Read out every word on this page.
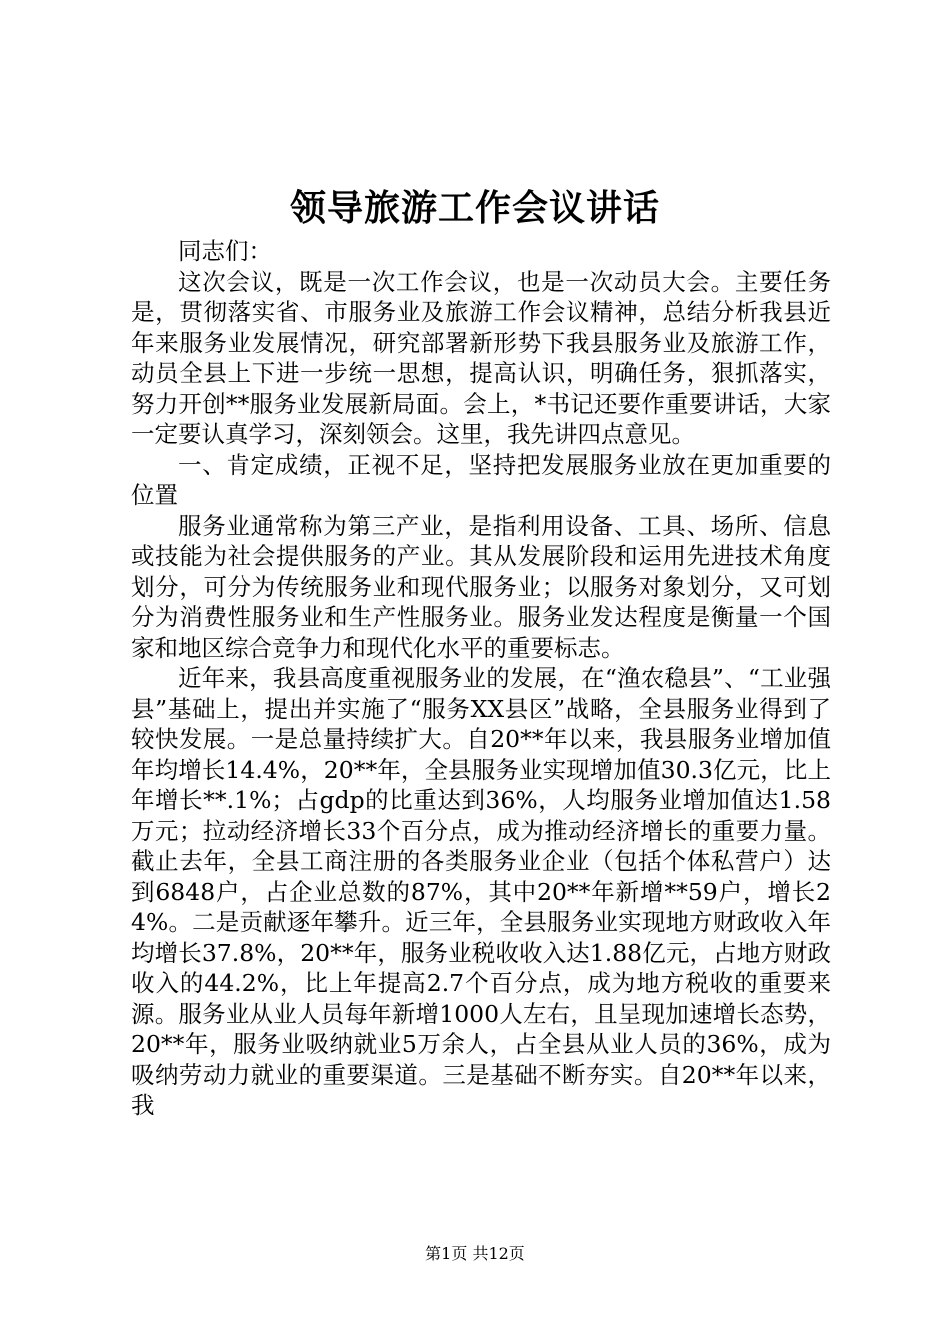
领导旅游工作会议讲话

同志们：

这次会议，既是一次工作会议，也是一次动员大会。主要任务是，贯彻落实省、市服务业及旅游工作会议精神，总结分析我县近年来服务业发展情况，研究部署新形势下我县服务业及旅游工作，动员全县上下进一步统一思想，提高认识，明确任务，狠抓落实，努力开创**服务业发展新局面。会上，*书记还要作重要讲话，大家一定要认真学习，深刻领会。这里，我先讲四点意见。

一、肯定成绩，正视不足，坚持把发展服务业放在更加重要的位置

服务业通常称为第三产业，是指利用设备、工具、场所、信息或技能为社会提供服务的产业。其从发展阶段和运用先进技术角度划分，可分为传统服务业和现代服务业；以服务对象划分，又可划分为消费性服务业和生产性服务业。服务业发达程度是衡量一个国家和地区综合竞争力和现代化水平的重要标志。

近年来，我县高度重视服务业的发展，在“渔农稳县”、“工业强县”基础上，提出并实施了“服务XX县区”战略，全县服务业得到了较快发展。一是总量持续扩大。自20**年以来，我县服务业增加值年均增长14.4%，20**年，全县服务业实现增加值30.3亿元，比上年增长**.1%；占gdp的比重达到36%，人均服务业增加值达1.58万元；拉动经济增长33个百分点，成为推动经济增长的重要力量。截止去年，全县工商注册的各类服务业企业（包括个体私营户）达到6848户，占企业总数的87%，其中20**年新增**59户，增长24%。二是贡献逐年攀升。近三年，全县服务业实现地方财政收入年均增长37.8%，20**年，服务业税收收入达1.88亿元，占地方财政收入的44.2%，比上年提高2.7个百分点，成为地方税收的重要来源。服务业从业人员每年新增1000人左右，且呈现加速增长态势，20**年，服务业吸纳就业5万余人，占全县从业人员的36%，成为吸纳劳动力就业的重要渠道。三是基础不断夯实。自20**年以来，我

第1页 共12页
